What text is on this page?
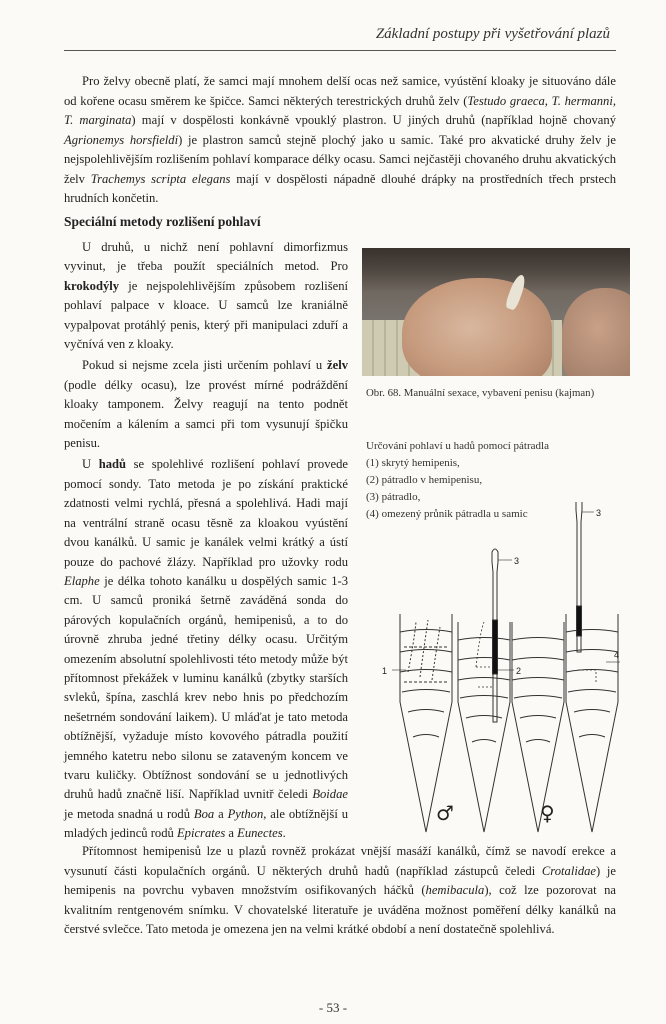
Základní postupy při vyšetřování plazů

Pro želvy obecně platí, že samci mají mnohem delší ocas než samice, vyústění kloaky je situováno dále od kořene ocasu směrem ke špičce. Samci některých terestrických druhů želv (Testudo graeca, T. hermanni, T. marginata) mají v dospělosti konkávně vpouklý plastron. U jiných druhů (například hojně chovaný Agrionemys horsfieldi) je plastron samců stejně plochý jako u samic. Také pro akvatické druhy želv je nejspolehlivějším rozlišením pohlaví komparace délky ocasu. Samci nejčastěji chovaného druhu akvatických želv Trachemys scripta elegans mají v dospělosti nápadně dlouhé drápky na prostředních třech prstech hrudních končetin.

Speciální metody rozlišení pohlaví

U druhů, u nichž není pohlavní dimorfizmus vyvinut, je třeba použít speciálních metod. Pro krokodýly je nejspolehlivějším způsobem rozlišení pohlaví palpace v kloace. U samců lze kraniálně vypalpovat protáhlý penis, který při manipulaci zduří a vyčnívá ven z kloaky.

Pokud si nejsme zcela jisti určením pohlaví u želv (podle délky ocasu), lze provést mírné podráždění kloaky tamponem. Želvy reagují na tento podnět močením a kálením a samci při tom vysunují špičku penisu.

U hadů se spolehlivé rozlišení pohlaví provede pomocí sondy. Tato metoda je po získání praktické zdatnosti velmi rychlá, přesná a spolehlivá. Hadi mají na ventrální straně ocasu těsně za kloakou vyústění dvou kanálků. U samic je kanálek velmi krátký a ústí pouze do pachové žlázy. Například pro užovky rodu Elaphe je délka tohoto kanálku u dospělých samic 1-3 cm. U samců proniká šetrně zaváděná sonda do párových kopulačních orgánů, hemipenisů, a to do úrovně zhruba jedné třetiny délky ocasu. Určitým omezením absolutní spolehlivosti této metody může být přítomnost překážek v luminu kanálků (zbytky starších svleků, špína, zaschlá krev nebo hnis po předchozím nešetrném sondování laikem). U mláďat je tato metoda obtížnější, vyžaduje místo kovového pátradla použití jemného katetru nebo silonu se zataveným koncem ve tvaru kuličky. Obtížnost sondování se u jednotlivých druhů hadů značně liší. Například uvnitř čeledi Boidae je metoda snadná u rodů Boa a Python, ale obtížnější u mladých jedinců rodů Epicrates a Eunectes.

Obr. 68. Manuální sexace, vybavení penisu (kajman)
Určování pohlaví u hadů pomocí pátradla
(1) skrytý hemipenis,
(2) pátradlo v hemipenisu,
(3) pátradlo,
(4) omezený průnik pátradla u samic
1	2
3
3
4
♂	♀

Přítomnost hemipenisů lze u plazů rovněž prokázat vnější masáží kanálků, čímž se navodí erekce a vysunutí části kopulačních orgánů. U některých druhů hadů (například zástupců čeledi Crotalidae) je hemipenis na povrchu vybaven množstvím osifikovaných háčků (hemibacula), což lze pozorovat na kvalitním rentgenovém snímku. V chovatelské literatuře je uváděna možnost poměření délky kanálků na čerstvé svlečce. Tato metoda je omezena jen na velmi krátké období a není dostatečně spolehlivá.

- 53 -
